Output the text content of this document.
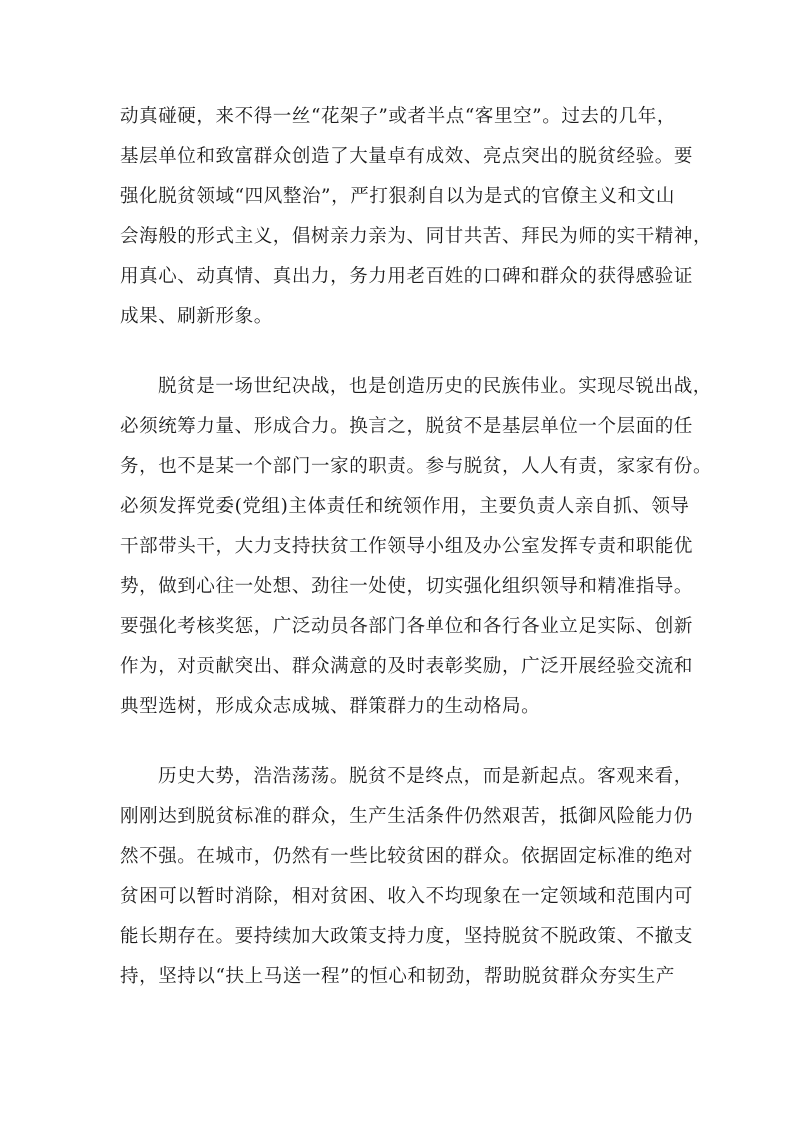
动真碰硬，来不得一丝“花架子”或者半点“客里空”。过去的几年，
基层单位和致富群众创造了大量卓有成效、亮点突出的脱贫经验。要
强化脱贫领域“四风整治”，严打狠刹自以为是式的官僚主义和文山
会海般的形式主义，倡树亲力亲为、同甘共苦、拜民为师的实干精神，
用真心、动真情、真出力，务力用老百姓的口碑和群众的获得感验证
成果、刷新形象。
脱贫是一场世纪决战，也是创造历史的民族伟业。实现尽锐出战，
必须统筹力量、形成合力。换言之，脱贫不是基层单位一个层面的任
务，也不是某一个部门一家的职责。参与脱贫，人人有责，家家有份。
必须发挥党委(党组)主体责任和统领作用，主要负责人亲自抓、领导
干部带头干，大力支持扶贫工作领导小组及办公室发挥专责和职能优
势，做到心往一处想、劲往一处使，切实强化组织领导和精准指导。
要强化考核奖惩，广泛动员各部门各单位和各行各业立足实际、创新
作为，对贡献突出、群众满意的及时表彰奖励，广泛开展经验交流和
典型选树，形成众志成城、群策群力的生动格局。
历史大势，浩浩荡荡。脱贫不是终点，而是新起点。客观来看，
刚刚达到脱贫标准的群众，生产生活条件仍然艰苦，抵御风险能力仍
然不强。在城市，仍然有一些比较贫困的群众。依据固定标准的绝对
贫困可以暂时消除，相对贫困、收入不均现象在一定领域和范围内可
能长期存在。要持续加大政策支持力度，坚持脱贫不脱政策、不撤支
持，坚持以“扶上马送一程”的恒心和韧劲，帮助脱贫群众夯实生产
